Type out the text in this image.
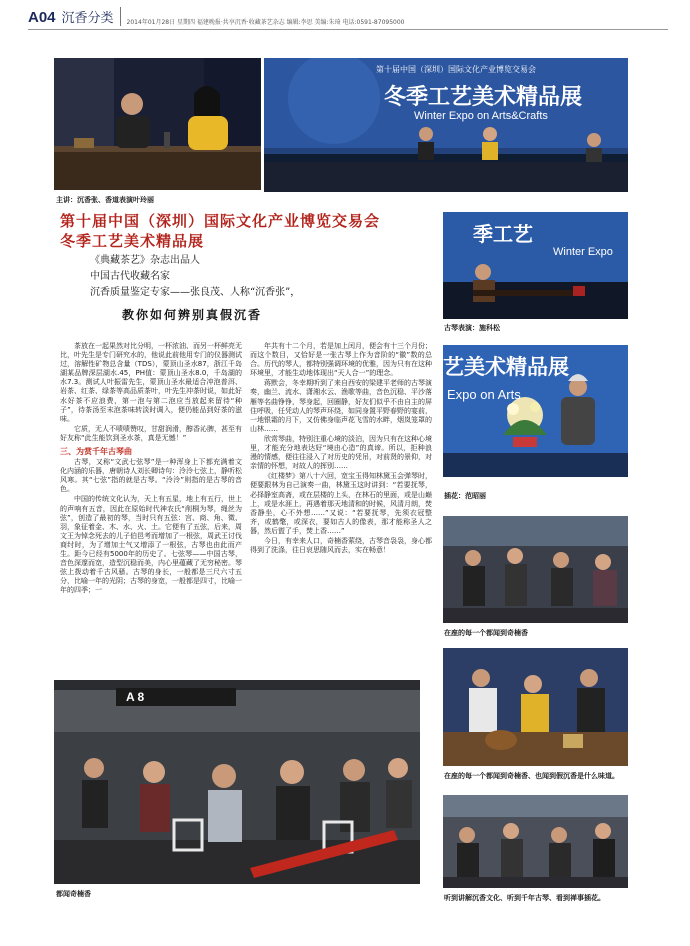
A04 沉香分类	2014年01月28日 星期四 福建晚报·共享沉香·收藏茶艺杂志 编辑:李思 美编:朱琦 电话:0591-87095000
主讲：沉香张、香道表演叶玲丽
第十届中国（深圳）国际文化产业博览交易会
冬季工艺美术精品展
Winter Expo on Arts&Crafts
第十届中国（深圳）国际文化产业博览交易会
冬季工艺美术精品展
《典藏茶艺》杂志出品人
中国古代收藏名家
沉香质量鉴定专家——张良茂、人称“沉香张”，
教你如何辨别真假沉香
季工艺
Winter Expo
古琴表演：施科松
艺美术精品展
Expo on Arts
插花：范昭丽
在座的每一个都闻到奇楠香
在座的每一个都闻到奇楠香、也闻到假沉香是什么味道。
听到讲解沉香文化、听到千年古琴、看到禅事插花。

茶放在一起果然对比分明，一杯浓油、而另一杯鲜亮无比，叶先生是专门研究水的，他说此前他用专门的仪器测试过，溶解性矿物总含量（TDS），蒙顶山圣水87，浙江千岛湖某品牌深层湖水.45，PH值：蒙顶山圣水8.0，千岛湖的水7.3。测试人叶振雷先生，蒙顶山圣水最适合冲泡普洱、岩茶、红茶、绿茶等高品质茶叶，叶先生冲茶时说，如此好水好茶不应浪费，第一泡与第二泡应当放起来留待“种子”，待茶汤至末泡茶味转淡时调入，便仍能品到好茶的滋味。

它质，无人不啧啧赞叹，甘甜润滑，醇香沁脾，甚至有好友称“此生能饮到圣水茶，真是无憾！”

三、为赏千年古琴曲

古琴，又称“文武七弦琴”是一种浑身上下都充满着文化内涵的乐器，唐朝诗人刘长卿诗句：泠泠七弦上，静听松风寒。其“七弦”指的就是古琴。“泠泠”则指的是古琴的音色。

中国的传统文化认为，天上有五星，地上有五行，世上的声响有五音，因此在原始时代神农氏“削桐为琴，绳丝为弦”，创造了最初的琴，当时只有五弦：宫、商、角、徵、羽，象征着金、木、水、火、土。它便有了五弦，后来，周文王为悼念死去的儿子伯邑考而增加了一根弦，周武王讨伐商纣时，为了增加士气又增添了一根弦，古琴也由此而产生。距今已经有5000年的历史了。七弦琴——中国古琴，音色深邃而宽，造型沉稳而美，内心里蕴藏了无穷秘密。琴弦上拨动着千古风骚。古琴的身长，一般都是三尺六寸五分，比喻一年的光阴；古琴的身宽，一般都是四寸，比喻一年的四季；一

年共有十二个月，若是加上闰月，便会有十三个月份；而这个数目，又恰好是一张古琴上作为音阶的“徽”数的总合。历代的琴人，都特别强调环境的优雅，因为只有在这种环境里，才能生动地体现出“天人合一”的理念。

蒋默会，冬幸期听到了来自西安的梁建平老师的古琴演奏，幽兰、流水、潇湘水云、渔歌等曲，音色沉稳、平沙落雁等名曲铮铮，琴身起，回圈静，好友们似乎不由自主的屏住呼吸，任凭动人的琴声环绕，如同身置平野春野的宴前，一地银霜的月下，又仿佛身临声花飞雪的水畔，烟岚笼罩的山林……

欣赏琴曲，特别注重心境的淡泊，因为只有在这种心境里，才能充分地表达好“境由心造”的真谛。所以，拒种浪漫的情感，便往往浸入了对历史的凭吊，对前贤的景仰，对亲情的怀想，对故人的挥别……

《红楼梦》第八十六回，宽宝玉得知林黛玉会弹琴时，便要跟林为自己演奏一曲，林黛玉这时讲到：“若要抚琴，必择静室高斋，或在层楼的上头，在林石的里面，或是山巅上，或是水涯上，再遇着那天地清和的时候，风清月朗，焚香静坐，心不外想……”又说：“若要抚琴，先须衣冠整齐，或鹤氅，或深衣，要如古人的像表，那才能称圣人之器，然后盥了手，焚上香……”

今日，有幸来人口，奇楠香萦绕，古琴音袅袅，身心都得到了洗涤，往日哀思随风而去，实在畅意！

A 8
都闻奇楠香
